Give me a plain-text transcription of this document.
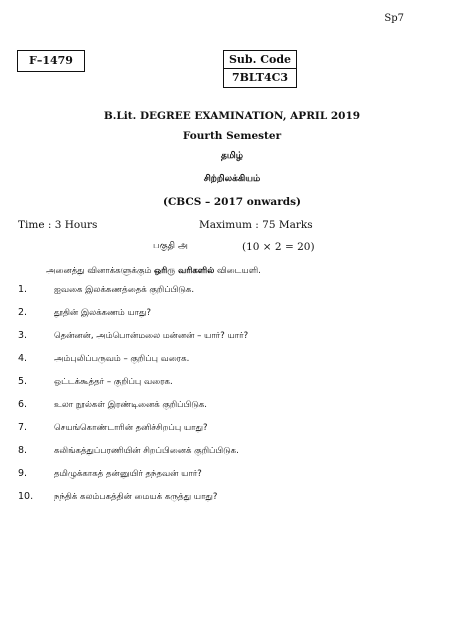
Sp7
F–1479	Sub. Code
7BLT4C3
B.Lit. DEGREE EXAMINATION, APRIL 2019
Fourth Semester
தமிழ்
சிற்றிலக்கியம்
(CBCS – 2017 onwards)
Time : 3 Hours	Maximum : 75 Marks
பகுதி அ	(10 × 2 = 20)
அனைத்து வினாக்களுக்கும் ஒரிரு வரிகளில் விடையளி.
1.	ஐவகை இலக்கணத்தைக் குறிப்பிடுக.
2.	தூதின் இலக்கணம் யாது?
3.	தென்னன், அம்பொன்மலை மன்னன் – யார்? யார்?
4.	அம்புலிப்பருவம் – குறிப்பு வரைக.
5.	ஒட்டக்கூத்தர் – குறிப்பு வரைக.
6.	உலா நூல்கள் இரண்டினைக் குறிப்பிடுக.
7.	செயங்கொண்டாரின் தனிச்சிறப்பு யாது?
8.	கலிங்கத்துப்பரணியின் சிறப்பினைக் குறிப்பிடுக.
9.	தமிழுக்காகத் தன்னுயிர் தந்தவன் யார்?
10. நந்திக் கலம்பகத்தின் மையக் கருத்து யாது?
